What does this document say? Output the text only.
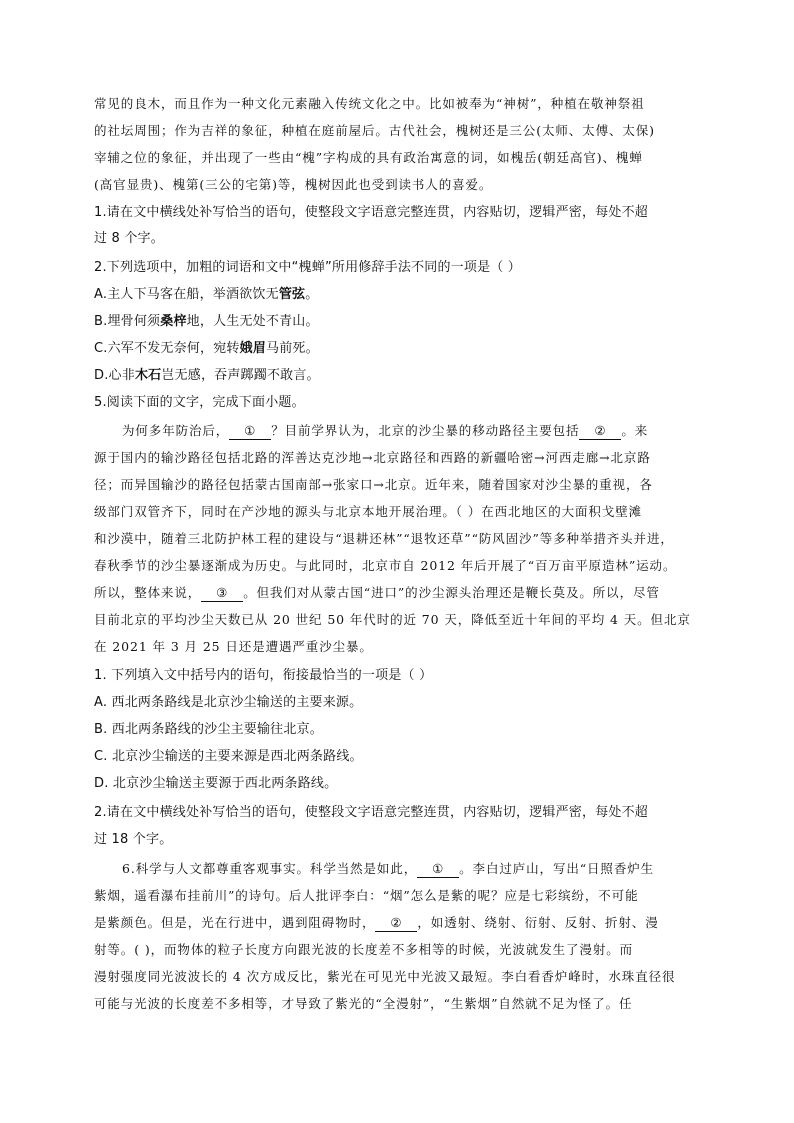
常见的良木，而且作为一种文化元素融入传统文化之中。比如被奉为“神树”，种植在敬神祭祖
的社坛周围；作为吉祥的象征，种植在庭前屋后。古代社会，槐树还是三公(太师、太傅、太保)
宰辅之位的象征，并出现了一些由“槐”字构成的具有政治寓意的词，如槐岳(朝廷高官)、槐蝉
(高官显贵)、槐第(三公的宅第)等，槐树因此也受到读书人的喜爱。
1.请在文中横线处补写恰当的语句，使整段文字语意完整连贯，内容贴切，逻辑严密，每处不超
过 8 个字。
2.下列选项中，加粗的词语和文中“槐蝉”所用修辞手法不同的一项是（ ）
A.主人下马客在船，举酒欲饮无管弦。
B.埋骨何须桑梓地，人生无处不青山。
C.六军不发无奈何，宛转娥眉马前死。
D.心非木石岂无感，吞声踯躅不敢言。
5.阅读下面的文字，完成下面小题。
为何多年防治后， ① ？目前学界认为，北京的沙尘暴的移动路径主要包括 ② 。来
源于国内的输沙路径包括北路的浑善达克沙地→北京路径和西路的新疆哈密→河西走廊→北京路
径；而异国输沙的路径包括蒙古国南部→张家口→北京。近年来，随着国家对沙尘暴的重视，各
级部门双管齐下，同时在产沙地的源头与北京本地开展治理。（ ）在西北地区的大面积戈壁滩
和沙漠中，随着三北防护林工程的建设与“退耕还林”“退牧还草”“防风固沙”等多种举措齐头并进，
春秋季节的沙尘暴逐渐成为历史。与此同时，北京市自 2012 年后开展了“百万亩平原造林”运动。
所以，整体来说， ③ 。但我们对从蒙古国“进口”的沙尘源头治理还是鞭长莫及。所以，尽管
目前北京的平均沙尘天数已从 20 世纪 50 年代时的近 70 天，降低至近十年间的平均 4 天。但北京
在 2021 年 3 月 25 日还是遭遇严重沙尘暴。
1. 下列填入文中括号内的语句，衔接最恰当的一项是（ ）
A. 西北两条路线是北京沙尘输送的主要来源。
B. 西北两条路线的沙尘主要输往北京。
C. 北京沙尘输送的主要来源是西北两条路线。
D. 北京沙尘输送主要源于西北两条路线。
2.请在文中横线处补写恰当的语句，使整段文字语意完整连贯，内容贴切，逻辑严密，每处不超
过 18 个字。
6.科学与人文都尊重客观事实。科学当然是如此， ① 。李白过庐山，写出“日照香炉生
紫烟，遥看瀑布挂前川”的诗句。后人批评李白：“烟”怎么是紫的呢？应是七彩缤纷，不可能
是紫颜色。但是，光在行进中，遇到阻碍物时， ② ，如透射、绕射、衍射、反射、折射、漫
射等。( )，而物体的粒子长度方向跟光波的长度差不多相等的时候，光波就发生了漫射。而
漫射强度同光波波长的 4 次方成反比，紫光在可见光中光波又最短。李白看香炉峰时，水珠直径很
可能与光波的长度差不多相等，才导致了紫光的“全漫射”，“生紫烟”自然就不足为怪了。任
